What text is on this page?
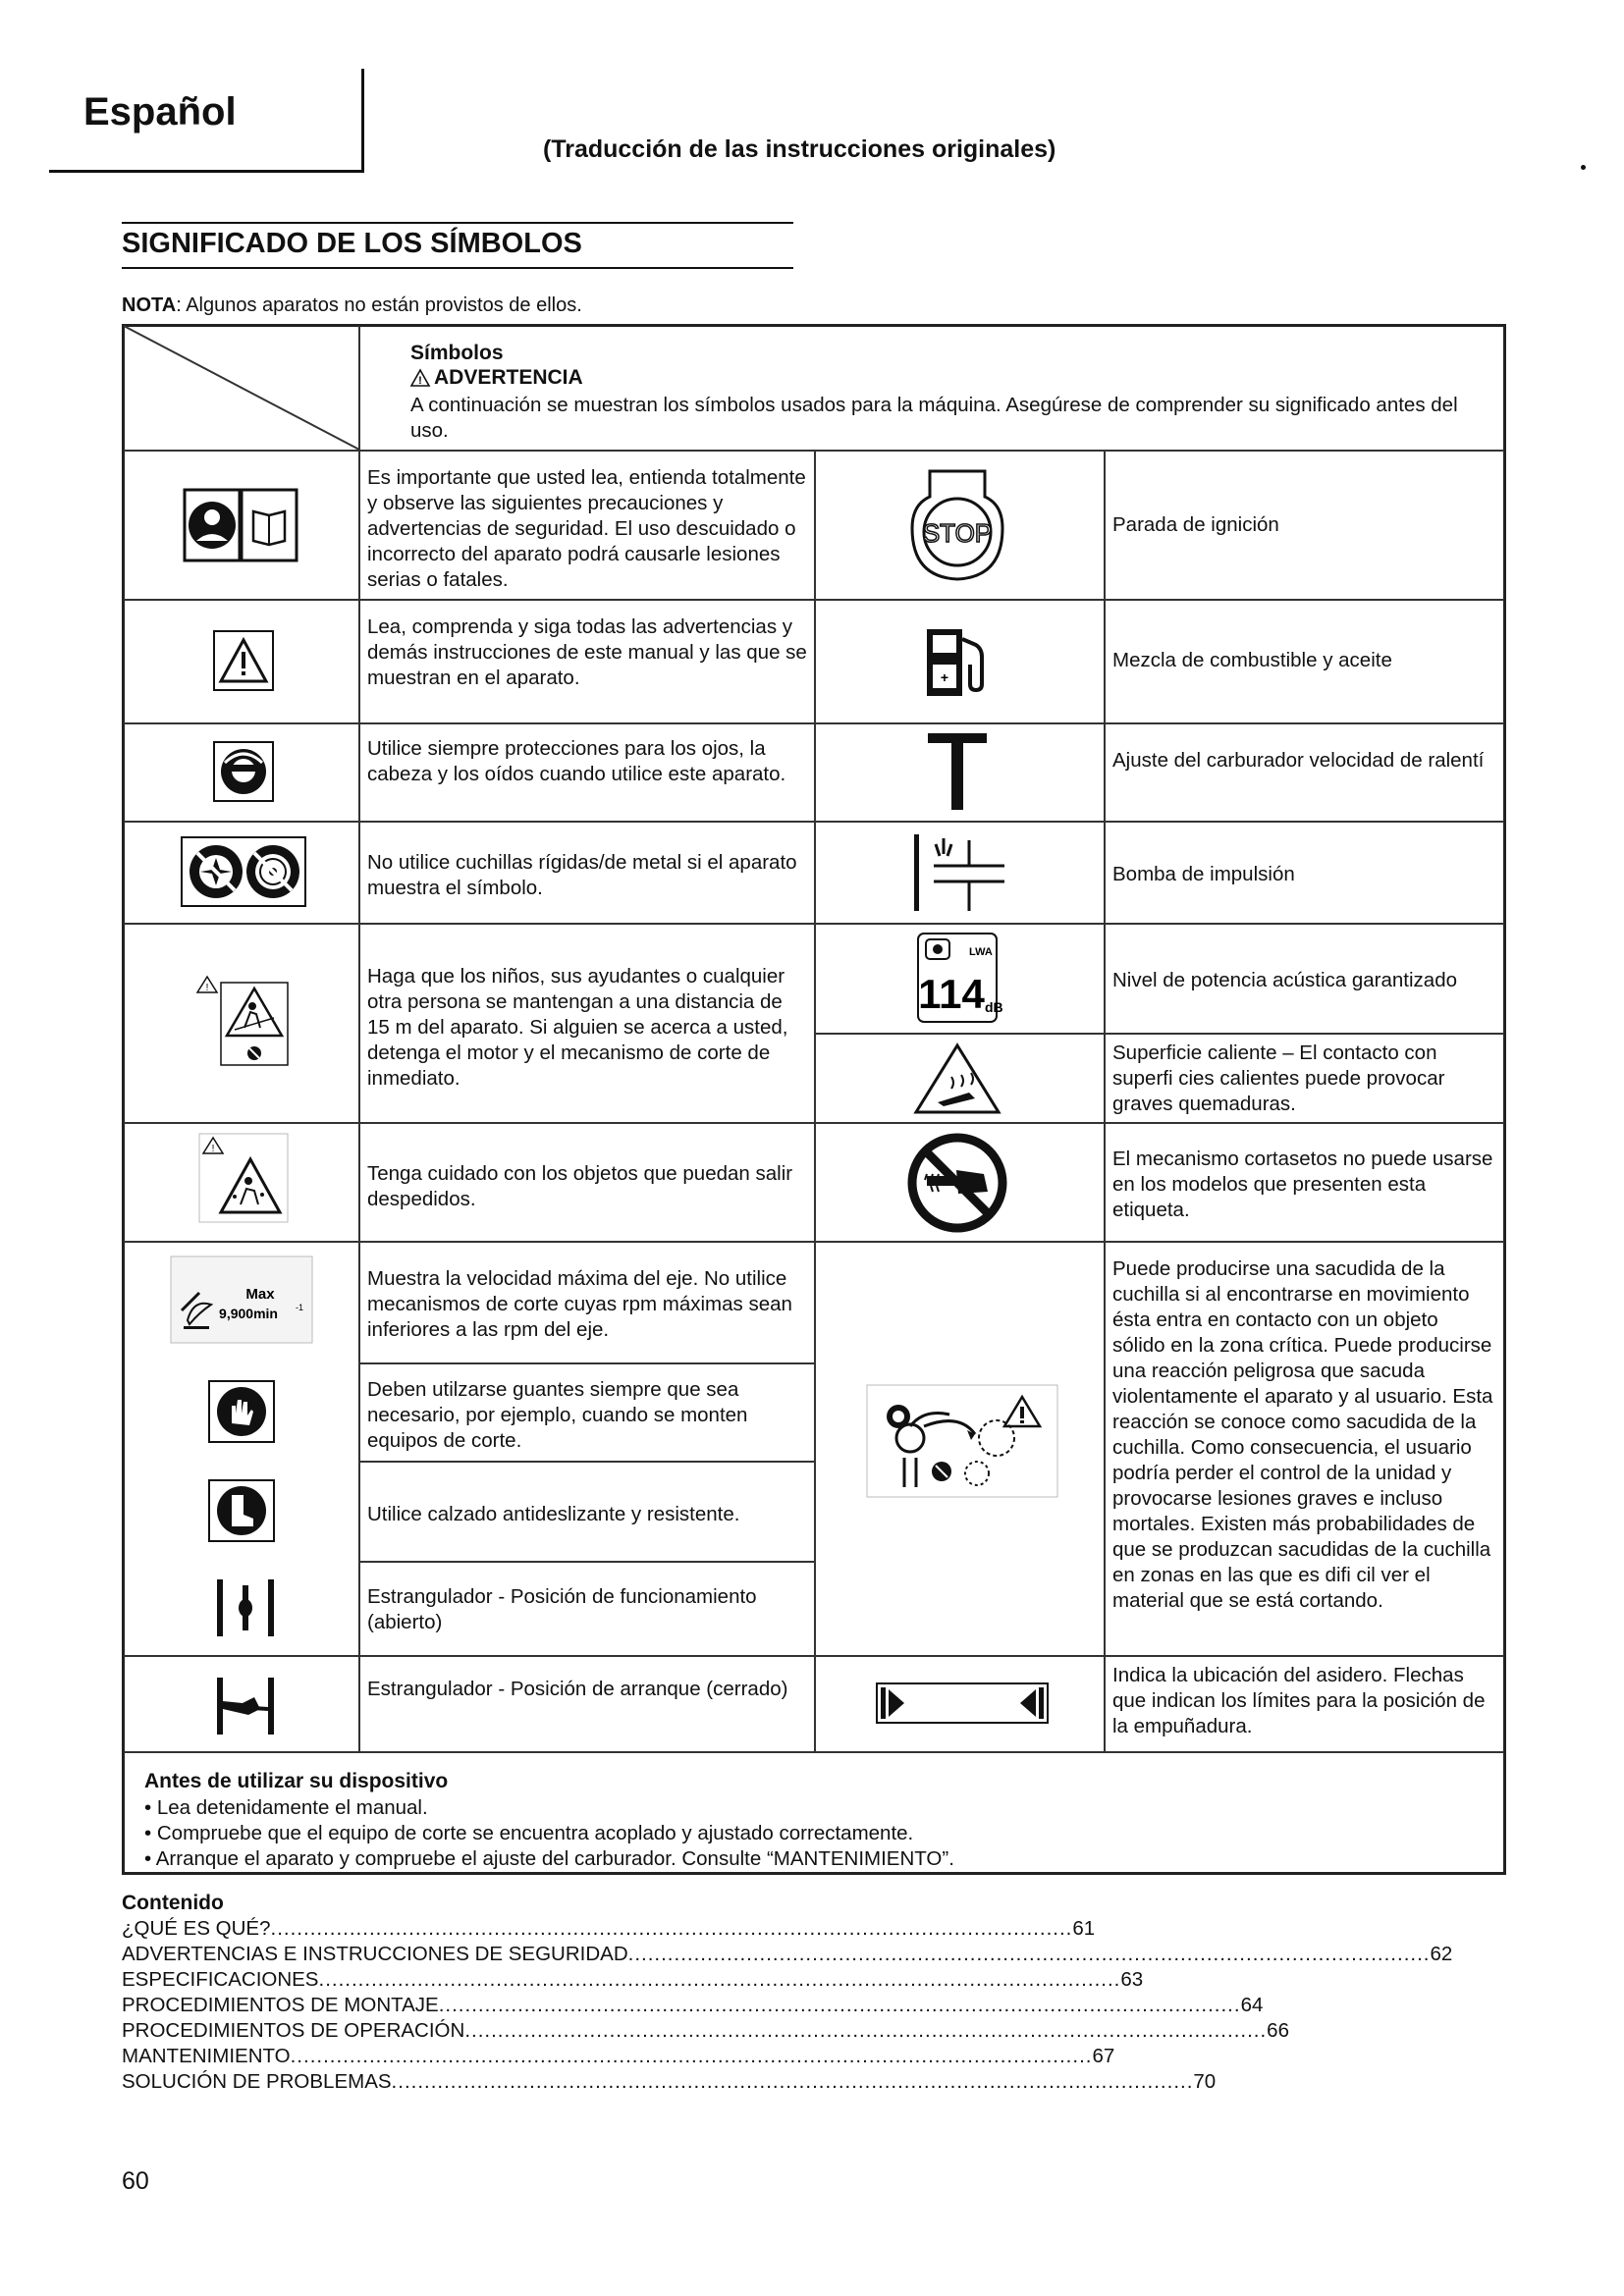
Español
(Traducción de las instrucciones originales)
SIGNIFICADO DE LOS SÍMBOLOS
NOTA: Algunos aparatos no están provistos de ellos.
Símbolos
! ADVERTENCIA
A continuación se muestran los símbolos usados para la máquina. Asegúrese de comprender su significado antes del uso.
!
!
Max
9,900min -1
Es importante que usted lea, entienda totalmente y observe las siguientes precauciones y advertencias de seguridad. El uso descuidado o incorrecto del aparato podrá causarle lesiones serias o fatales.
Lea, comprenda y siga todas las advertencias y demás instrucciones de este manual y las que se muestran en el aparato.
Utilice siempre protecciones para los ojos, la cabeza y los oídos cuando utilice este aparato.
No utilice cuchillas rígidas/de metal si el aparato muestra el símbolo.
Haga que los niños, sus ayudantes o cualquier otra persona se mantengan a una distancia de 15 m del aparato. Si alguien se acerca a usted, detenga el motor y el mecanismo de corte de inmediato.
Tenga cuidado con los objetos que puedan salir despedidos.
Muestra la velocidad máxima del eje. No utilice mecanismos de corte cuyas rpm máximas sean inferiores a las rpm del eje.
Deben utilzarse guantes siempre que sea necesario, por ejemplo, cuando se monten equipos de corte.
Utilice calzado antideslizante y resistente.
Estrangulador - Posición de funcionamiento (abierto)
Estrangulador - Posición de arranque (cerrado)
STOP
+
LWA
114 dB
Parada de ignición
Mezcla de combustible y aceite
Ajuste del carburador velocidad de ralentí
Bomba de impulsión
Nivel de potencia acústica garantizado
Superficie caliente – El contacto con superfi cies calientes puede provocar graves quemaduras.
El mecanismo cortasetos no puede usarse en los modelos que presenten esta etiqueta.
Puede producirse una sacudida de la cuchilla si al encontrarse en movimiento ésta entra en contacto con un objeto sólido en la zona crítica. Puede producirse una reacción peligrosa que sacuda violentamente el aparato y al usuario. Esta reacción se conoce como sacudida de la cuchilla. Como consecuencia, el usuario podría perder el control de la unidad y provocarse lesiones graves e incluso mortales. Existen más probabilidades de que se produzcan sacudidas de la cuchilla en zonas en las que es difi cil ver el material que se está cortando.
Indica la ubicación del asidero. Flechas que indican los límites para la posición de la empuñadura.
Antes de utilizar su dispositivo
• Lea detenidamente el manual.
• Compruebe que el equipo de corte se encuentra acoplado y ajustado correctamente.
• Arranque el aparato y compruebe el ajuste del carburador. Consulte “MANTENIMIENTO”.
Contenido
¿QUÉ ES QUÉ? .......................................................................................................................... 61
ADVERTENCIAS E INSTRUCCIONES DE SEGURIDAD .......................................................................................................................... 62
ESPECIFICACIONES .......................................................................................................................... 63
PROCEDIMIENTOS DE MONTAJE .......................................................................................................................... 64
PROCEDIMIENTOS DE OPERACIÓN .......................................................................................................................... 66
MANTENIMIENTO .......................................................................................................................... 67
SOLUCIÓN DE PROBLEMAS .......................................................................................................................... 70
60
